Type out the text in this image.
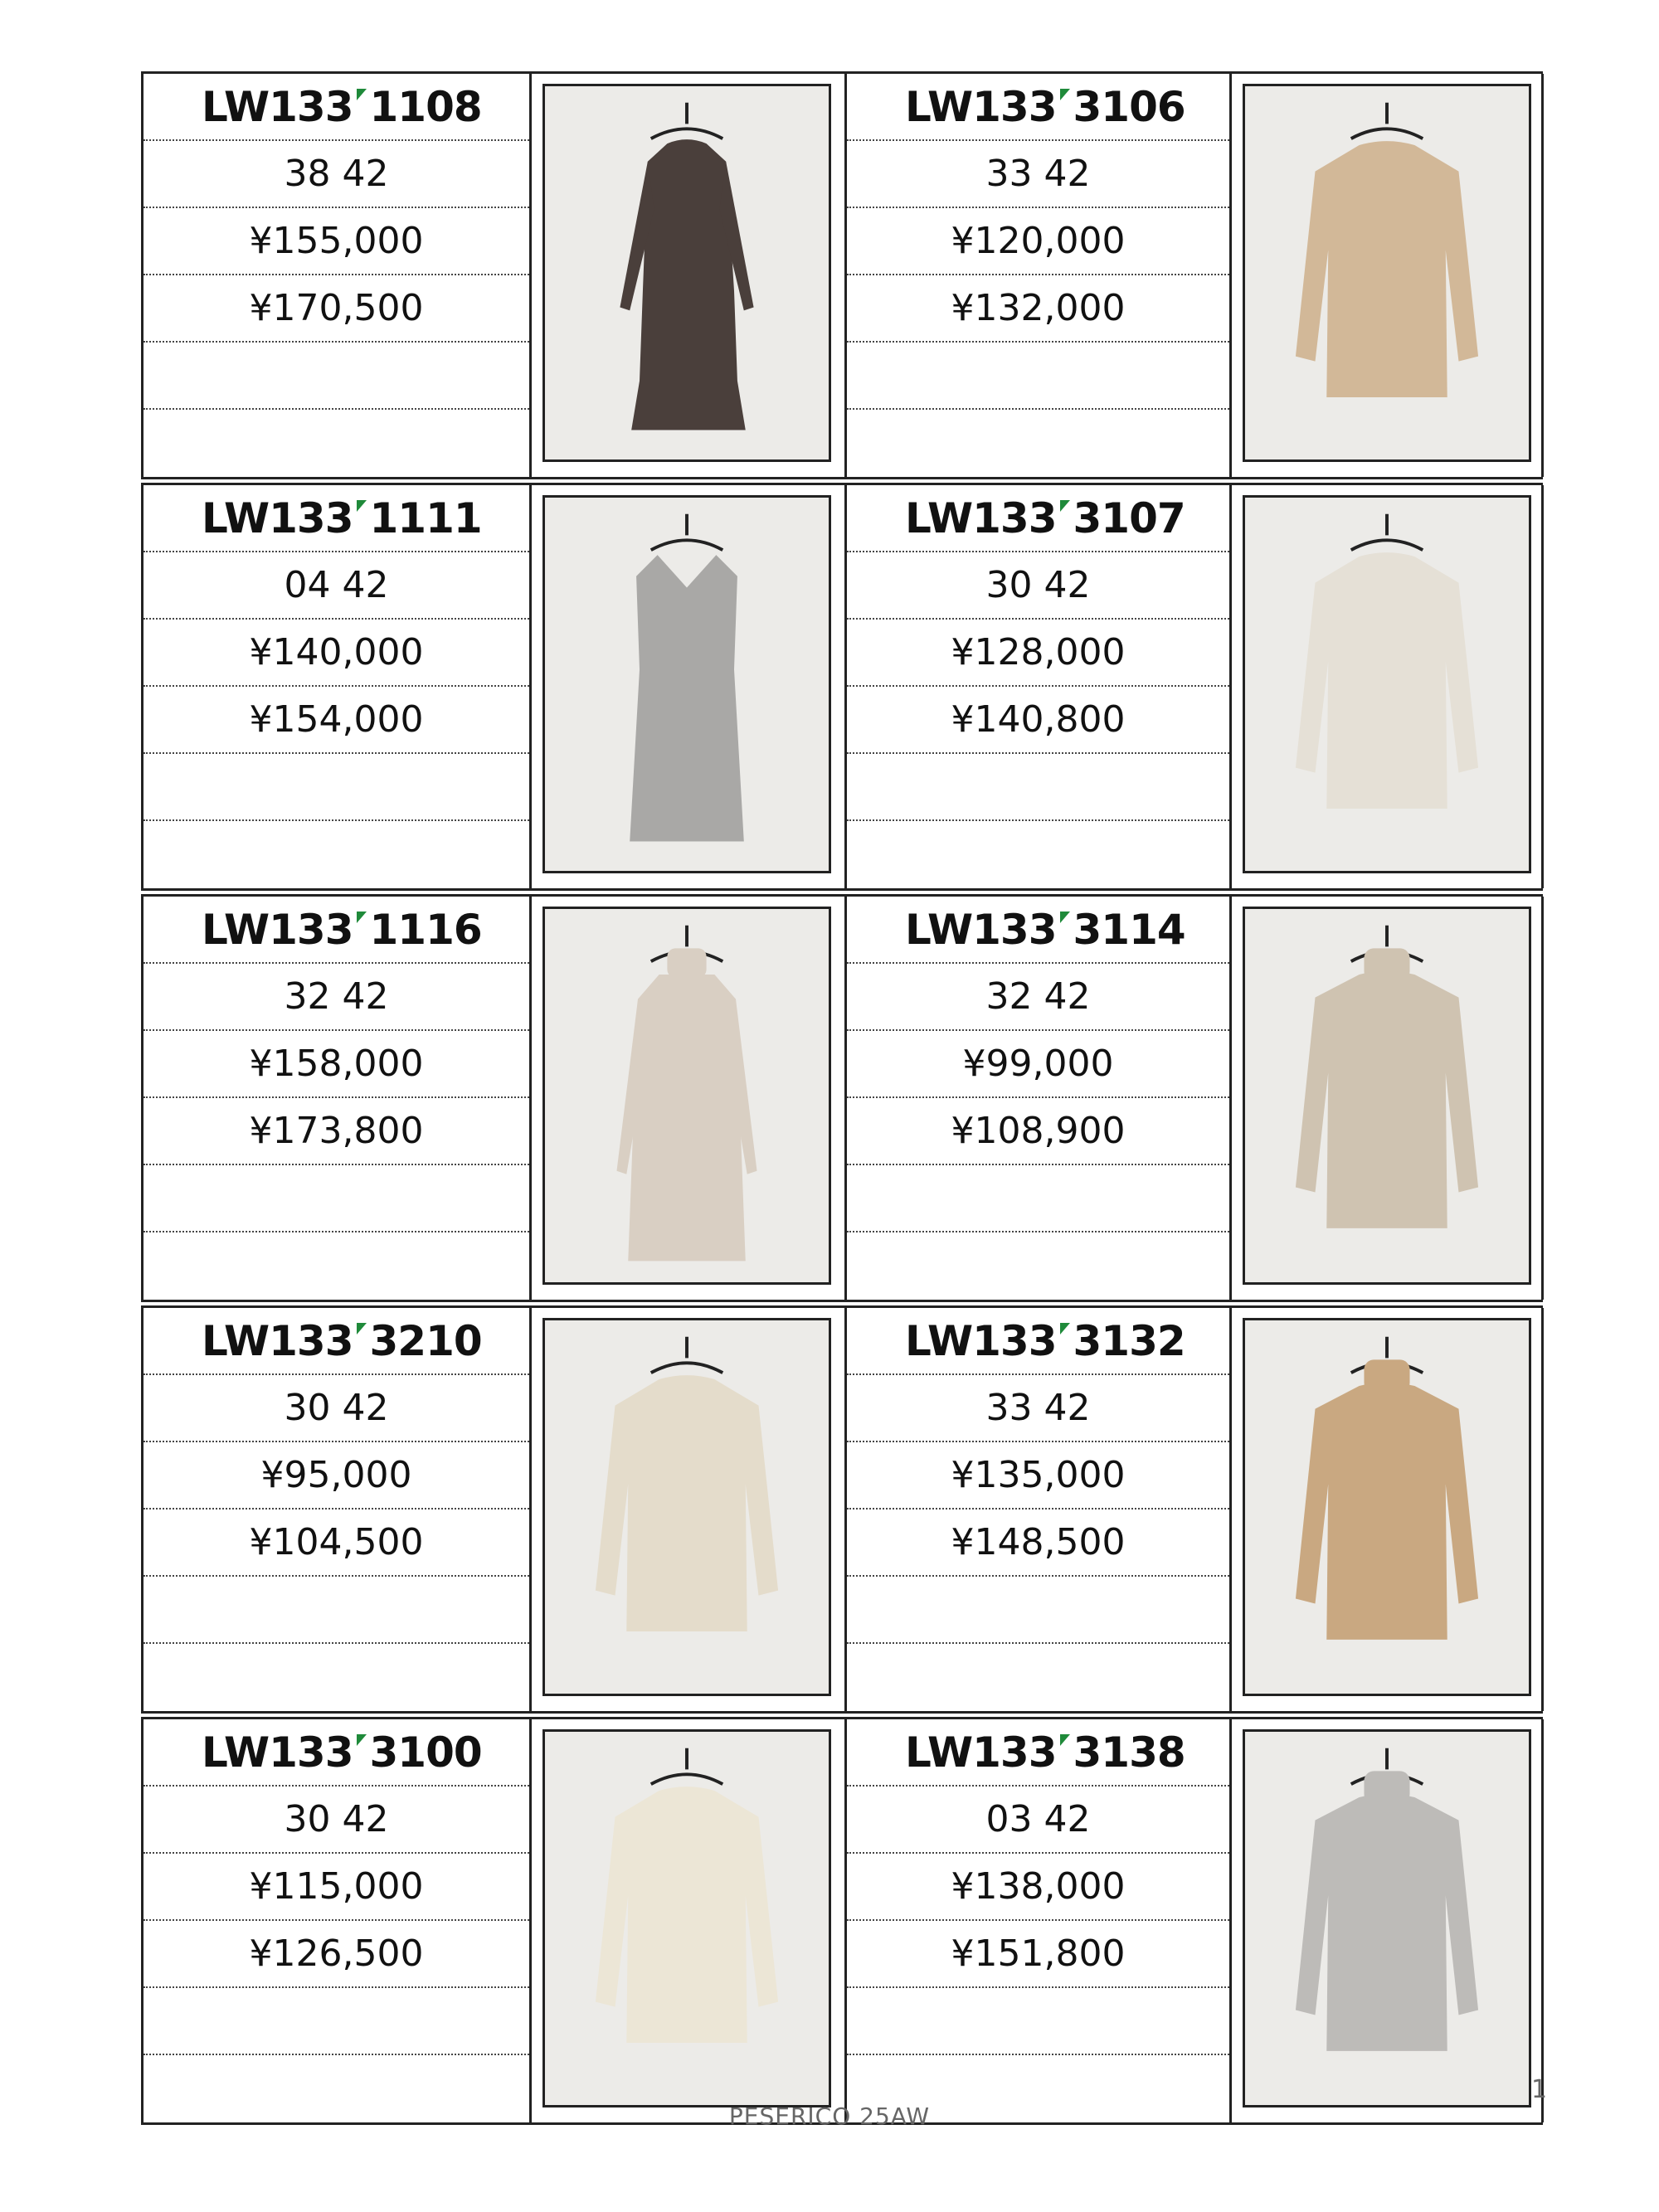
LW133 1108
38 42
¥155,000
¥170,500
LW133 3106
33 42
¥120,000
¥132,000
LW133 1111
04 42
¥140,000
¥154,000
LW133 3107
30 42
¥128,000
¥140,800
LW133 1116
32 42
¥158,000
¥173,800
LW133 3114
32 42
¥99,000
¥108,900
LW133 3210
30 42
¥95,000
¥104,500
LW133 3132
33 42
¥135,000
¥148,500
LW133 3100
30 42
¥115,000
¥126,500
LW133 3138
03 42
¥138,000
¥151,800
1
PESERICO 25AW
